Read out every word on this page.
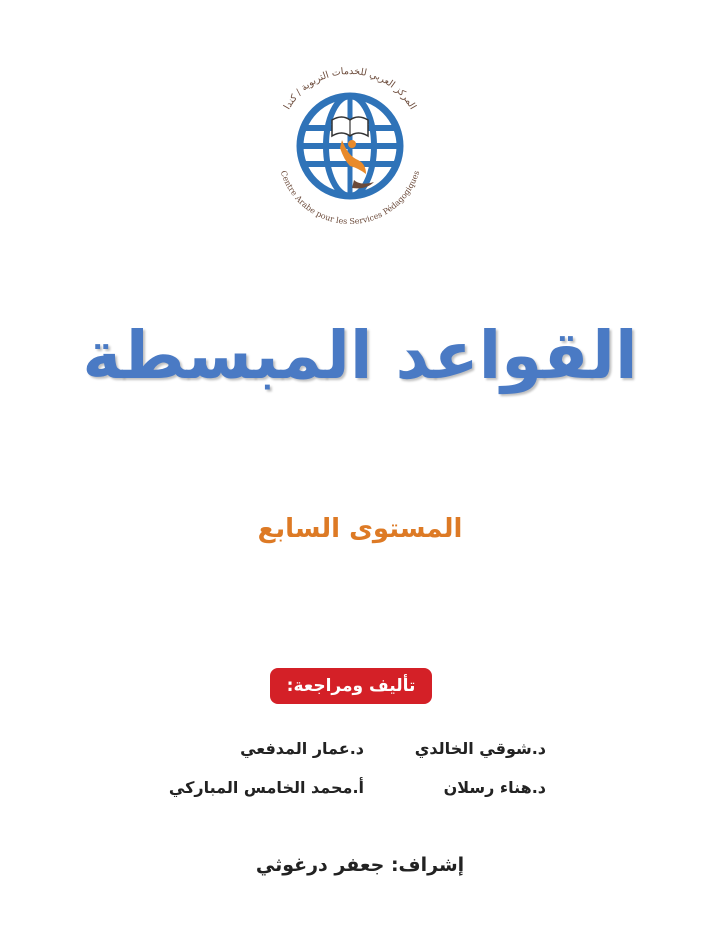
المركز العربي للخدمات التربوية / كندا
Centre Arabe pour les Services Pédagogiques
القواعد المبسطة
المستوى السابع
تأليف ومراجعة:
د.شوقي الخالدي
د.عمار المدفعي
د.هناء رسلان
أ.محمد الخامس المباركي
إشراف: جعفر درغوثي
